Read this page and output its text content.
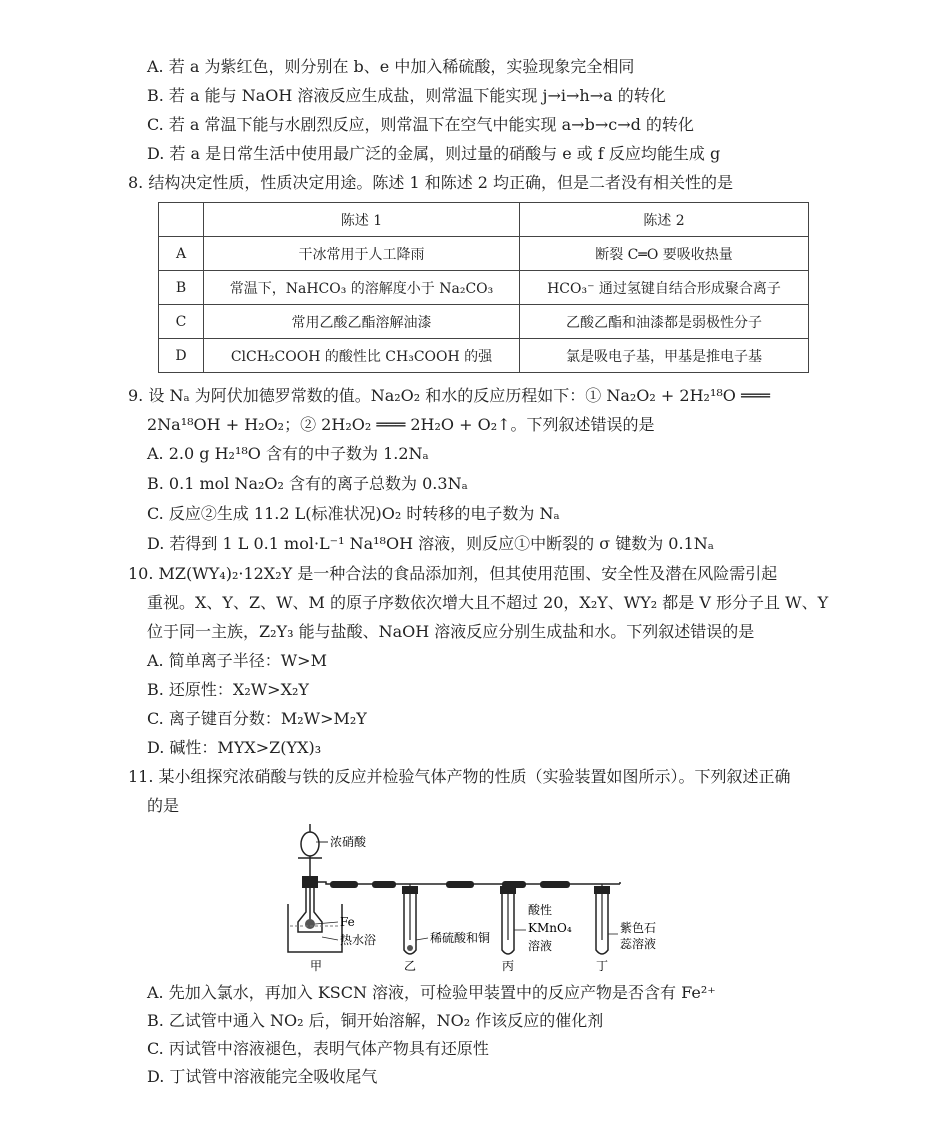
A. 若 a 为紫红色，则分别在 b、e 中加入稀硫酸，实验现象完全相同
B. 若 a 能与 NaOH 溶液反应生成盐，则常温下能实现 j→i→h→a 的转化
C. 若 a 常温下能与水剧烈反应，则常温下在空气中能实现 a→b→c→d 的转化
D. 若 a 是日常生活中使用最广泛的金属，则过量的硝酸与 e 或 f 反应均能生成 g
8. 结构决定性质，性质决定用途。陈述 1 和陈述 2 均正确，但是二者没有相关性的是
	陈述 1	陈述 2
A	干冰常用于人工降雨	断裂 C═O 要吸收热量
B	常温下，NaHCO₃ 的溶解度小于 Na₂CO₃	HCO₃⁻ 通过氢键自结合形成聚合离子
C	常用乙酸乙酯溶解油漆	乙酸乙酯和油漆都是弱极性分子
D	ClCH₂COOH 的酸性比 CH₃COOH 的强	氯是吸电子基，甲基是推电子基
9. 设 Nₐ 为阿伏加德罗常数的值。Na₂O₂ 和水的反应历程如下：① Na₂O₂ + 2H₂¹⁸O ═══
2Na¹⁸OH + H₂O₂；② 2H₂O₂ ═══ 2H₂O + O₂↑。下列叙述错误的是
A. 2.0 g H₂¹⁸O 含有的中子数为 1.2Nₐ
B. 0.1 mol Na₂O₂ 含有的离子总数为 0.3Nₐ
C. 反应②生成 11.2 L(标准状况)O₂ 时转移的电子数为 Nₐ
D. 若得到 1 L 0.1 mol·L⁻¹ Na¹⁸OH 溶液，则反应①中断裂的 σ 键数为 0.1Nₐ
10. MZ(WY₄)₂·12X₂Y 是一种合法的食品添加剂，但其使用范围、安全性及潜在风险需引起
重视。X、Y、Z、W、M 的原子序数依次增大且不超过 20，X₂Y、WY₂ 都是 V 形分子且 W、Y
位于同一主族，Z₂Y₃ 能与盐酸、NaOH 溶液反应分别生成盐和水。下列叙述错误的是
A. 简单离子半径：W>M
B. 还原性：X₂W>X₂Y
C. 离子键百分数：M₂W>M₂Y
D. 碱性：MYX>Z(YX)₃
11. 某小组探究浓硝酸与铁的反应并检验气体产物的性质（实验装置如图所示）。下列叙述正确
的是
浓硝酸
Fe
热水浴	稀硫酸和铜
酸性
KMnO₄
溶液
紫色石
蕊溶液
甲	乙	丙	丁
A. 先加入氯水，再加入 KSCN 溶液，可检验甲装置中的反应产物是否含有 Fe²⁺
B. 乙试管中通入 NO₂ 后，铜开始溶解，NO₂ 作该反应的催化剂
C. 丙试管中溶液褪色，表明气体产物具有还原性
D. 丁试管中溶液能完全吸收尾气
